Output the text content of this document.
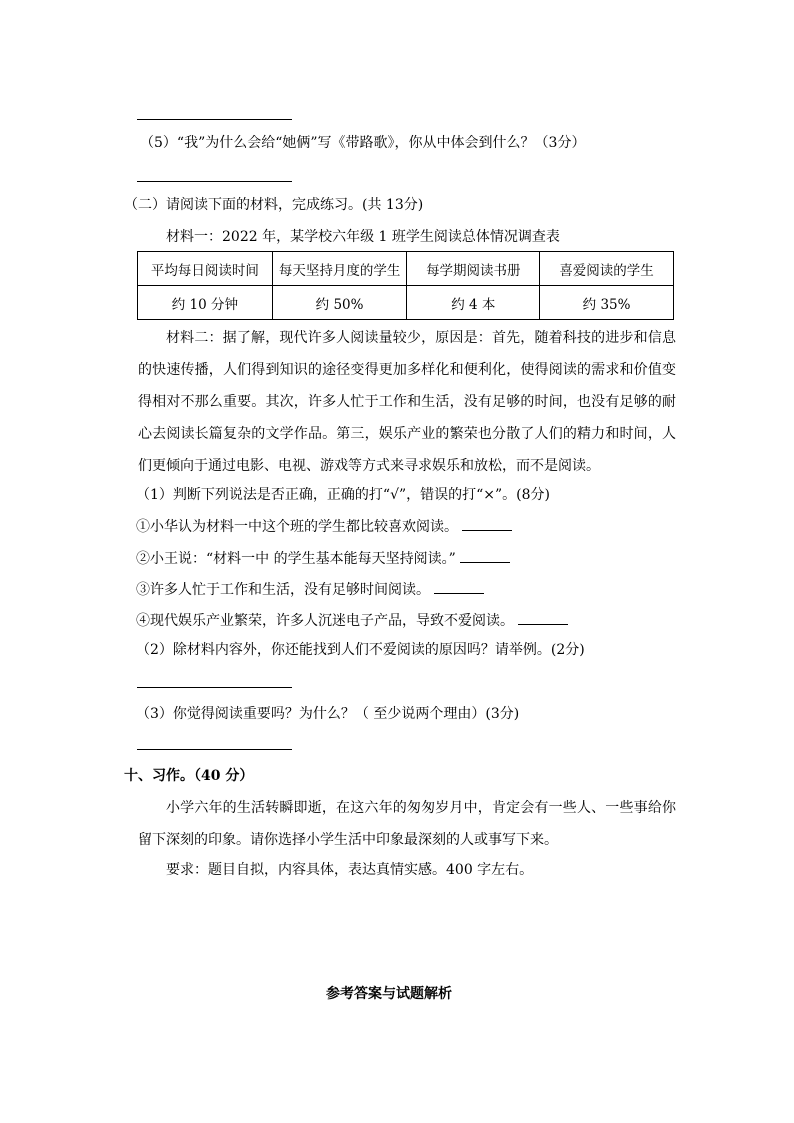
（5）“我”为什么会给“她俩”写《带路歌》，你从中体会到什么？（3分）
（二）请阅读下面的材料，完成练习。(共 13分)
材料一：2022 年，某学校六年级 1 班学生阅读总体情况调查表
平均每日阅读时间	每天坚持月度的学生	每学期阅读书册	喜爱阅读的学生
约 10 分钟	约 50%	约 4 本	约 35%
材料二：据了解，现代许多人阅读量较少，原因是：首先，随着科技的进步和信息的快速传播，人们得到知识的途径变得更加多样化和便利化，使得阅读的需求和价值变得相对不那么重要。其次，许多人忙于工作和生活，没有足够的时间，也没有足够的耐心去阅读长篇复杂的文学作品。第三，娱乐产业的繁荣也分散了人们的精力和时间，人们更倾向于通过电影、电视、游戏等方式来寻求娱乐和放松，而不是阅读。
（1）判断下列说法是否正确，正确的打“√”，错误的打“×”。(8分)
①小华认为材料一中这个班的学生都比较喜欢阅读。
②小王说：“材料一中 的学生基本能每天坚持阅读。”
③许多人忙于工作和生活，没有足够时间阅读。
④现代娱乐产业繁荣，许多人沉迷电子产品，导致不爱阅读。
（2）除材料内容外，你还能找到人们不爱阅读的原因吗？请举例。(2分)
（3）你觉得阅读重要吗？为什么？（ 至少说两个理由）(3分)
十、习作。（40 分）
小学六年的生活转瞬即逝，在这六年的匆匆岁月中，肯定会有一些人、一些事给你留下深刻的印象。请你选择小学生活中印象最深刻的人或事写下来。
要求：题目自拟，内容具体，表达真情实感。400 字左右。
参考答案与试题解析
